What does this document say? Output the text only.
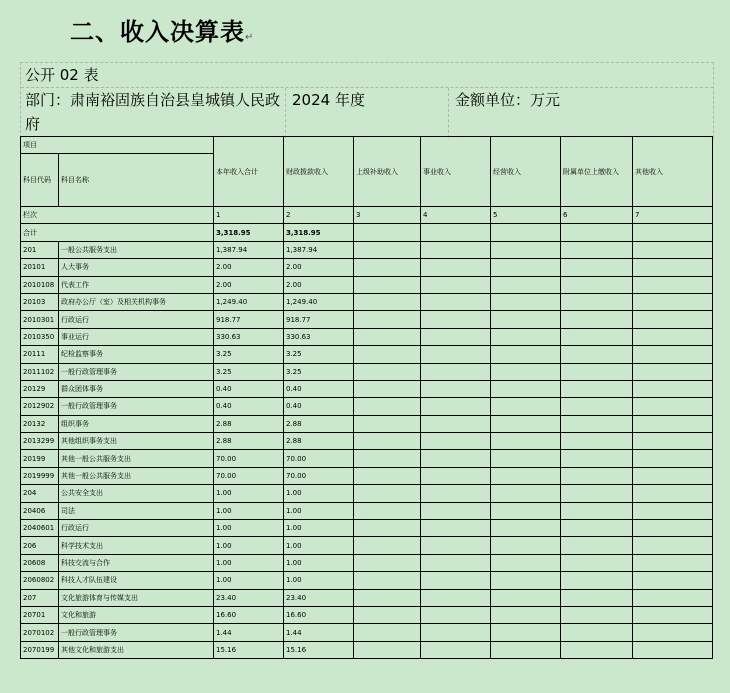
二、收入决算表↵
公开 02 表
部门：肃南裕固族自治县皇城镇人民政府
2024 年度	金额单位：万元
项目		本年收入合计	财政拨款收入	上级补助收入	事业收入	经营收入	附属单位上缴收入	其他收入
科目代码	科目名称							
栏次		1	2	3	4	5	6	7
合计		3,318.95	3,318.95					
201	一般公共服务支出	1,387.94	1,387.94					
20101	人大事务	2.00	2.00					
2010108	代表工作	2.00	2.00					
20103	政府办公厅（室）及相关机构事务	1,249.40	1,249.40					
2010301	行政运行	918.77	918.77					
2010350	事业运行	330.63	330.63					
20111	纪检监察事务	3.25	3.25					
2011102	一般行政管理事务	3.25	3.25					
20129	群众团体事务	0.40	0.40					
2012902	一般行政管理事务	0.40	0.40					
20132	组织事务	2.88	2.88					
2013299	其他组织事务支出	2.88	2.88					
20199	其他一般公共服务支出	70.00	70.00					
2019999	其他一般公共服务支出	70.00	70.00					
204	公共安全支出	1.00	1.00					
20406	司法	1.00	1.00					
2040601	行政运行	1.00	1.00					
206	科学技术支出	1.00	1.00					
20608	科技交流与合作	1.00	1.00					
2060802	科技人才队伍建设	1.00	1.00					
207	文化旅游体育与传媒支出	23.40	23.40					
20701	文化和旅游	16.60	16.60					
2070102	一般行政管理事务	1.44	1.44					
2070199	其他文化和旅游支出	15.16	15.16					
